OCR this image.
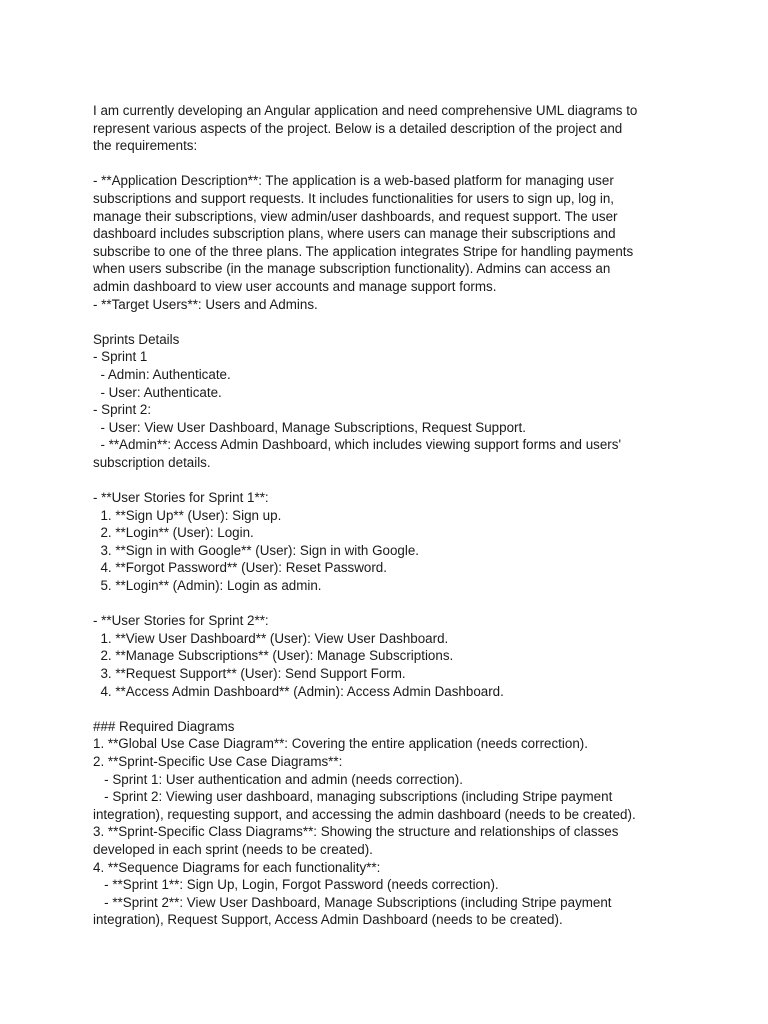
I am currently developing an Angular application and need comprehensive UML diagrams to
represent various aspects of the project. Below is a detailed description of the project and
the requirements:
- **Application Description**: The application is a web-based platform for managing user
subscriptions and support requests. It includes functionalities for users to sign up, log in,
manage their subscriptions, view admin/user dashboards, and request support. The user
dashboard includes subscription plans, where users can manage their subscriptions and
subscribe to one of the three plans. The application integrates Stripe for handling payments
when users subscribe (in the manage subscription functionality). Admins can access an
admin dashboard to view user accounts and manage support forms.
- **Target Users**: Users and Admins.
Sprints Details
- Sprint 1
- Admin: Authenticate.
- User: Authenticate.
- Sprint 2:
- User: View User Dashboard, Manage Subscriptions, Request Support.
- **Admin**: Access Admin Dashboard, which includes viewing support forms and users'
subscription details.
- **User Stories for Sprint 1**:
1. **Sign Up** (User): Sign up.
2. **Login** (User): Login.
3. **Sign in with Google** (User): Sign in with Google.
4. **Forgot Password** (User): Reset Password.
5. **Login** (Admin): Login as admin.
- **User Stories for Sprint 2**:
1. **View User Dashboard** (User): View User Dashboard.
2. **Manage Subscriptions** (User): Manage Subscriptions.
3. **Request Support** (User): Send Support Form.
4. **Access Admin Dashboard** (Admin): Access Admin Dashboard.
### Required Diagrams
1. **Global Use Case Diagram**: Covering the entire application (needs correction).
2. **Sprint-Specific Use Case Diagrams**:
- Sprint 1: User authentication and admin (needs correction).
- Sprint 2: Viewing user dashboard, managing subscriptions (including Stripe payment
integration), requesting support, and accessing the admin dashboard (needs to be created).
3. **Sprint-Specific Class Diagrams**: Showing the structure and relationships of classes
developed in each sprint (needs to be created).
4. **Sequence Diagrams for each functionality**:
- **Sprint 1**: Sign Up, Login, Forgot Password (needs correction).
- **Sprint 2**: View User Dashboard, Manage Subscriptions (including Stripe payment
integration), Request Support, Access Admin Dashboard (needs to be created).
